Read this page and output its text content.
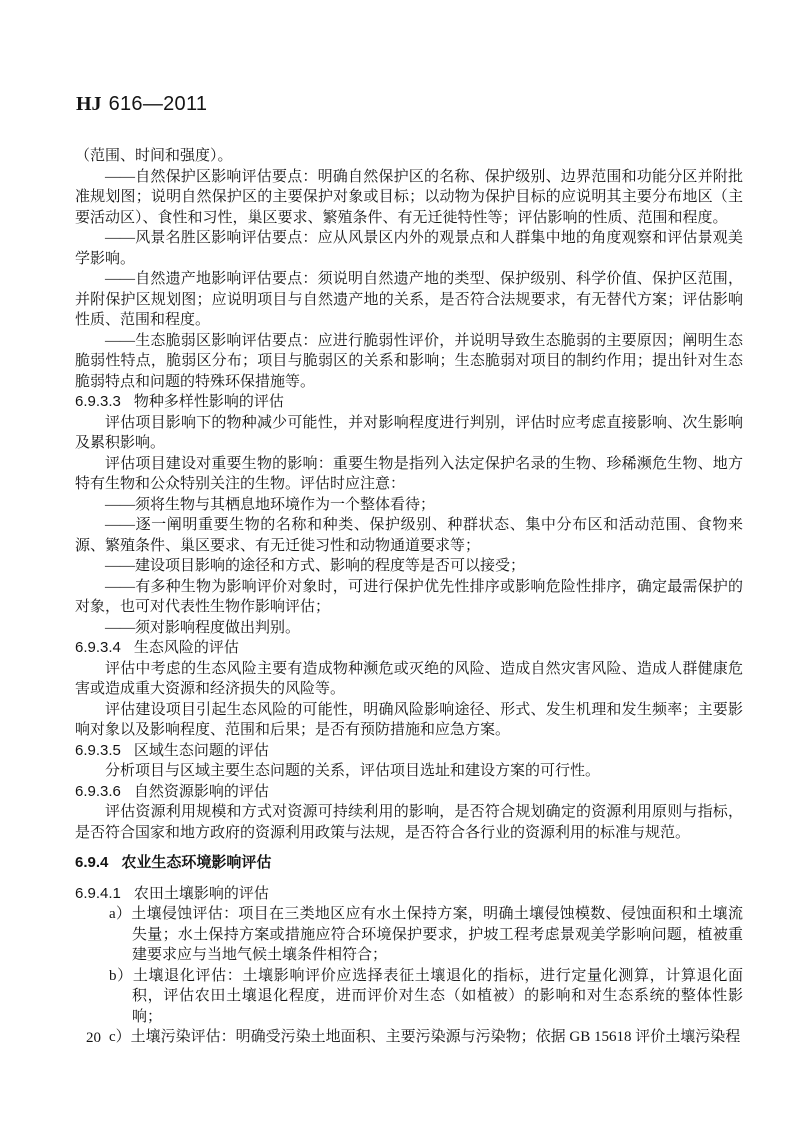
HJ 616—2011

（范围、时间和强度）。

——自然保护区影响评估要点：明确自然保护区的名称、保护级别、边界范围和功能分区并附批准规划图；说明自然保护区的主要保护对象或目标；以动物为保护目标的应说明其主要分布地区（主要活动区）、食性和习性，巢区要求、繁殖条件、有无迁徙特性等；评估影响的性质、范围和程度。

——风景名胜区影响评估要点：应从风景区内外的观景点和人群集中地的角度观察和评估景观美学影响。

——自然遗产地影响评估要点：须说明自然遗产地的类型、保护级别、科学价值、保护区范围，并附保护区规划图；应说明项目与自然遗产地的关系，是否符合法规要求，有无替代方案；评估影响性质、范围和程度。

——生态脆弱区影响评估要点：应进行脆弱性评价，并说明导致生态脆弱的主要原因；阐明生态脆弱性特点，脆弱区分布；项目与脆弱区的关系和影响；生态脆弱对项目的制约作用；提出针对生态脆弱特点和问题的特殊环保措施等。

6.9.3.3 物种多样性影响的评估

评估项目影响下的物种减少可能性，并对影响程度进行判别，评估时应考虑直接影响、次生影响及累积影响。

评估项目建设对重要生物的影响：重要生物是指列入法定保护名录的生物、珍稀濒危生物、地方特有生物和公众特别关注的生物。评估时应注意：

——须将生物与其栖息地环境作为一个整体看待；

——逐一阐明重要生物的名称和种类、保护级别、种群状态、集中分布区和活动范围、食物来源、繁殖条件、巢区要求、有无迁徙习性和动物通道要求等；

——建设项目影响的途径和方式、影响的程度等是否可以接受；

——有多种生物为影响评价对象时，可进行保护优先性排序或影响危险性排序，确定最需保护的对象，也可对代表性生物作影响评估；

——须对影响程度做出判别。

6.9.3.4 生态风险的评估

评估中考虑的生态风险主要有造成物种濒危或灭绝的风险、造成自然灾害风险、造成人群健康危害或造成重大资源和经济损失的风险等。

评估建设项目引起生态风险的可能性，明确风险影响途径、形式、发生机理和发生频率；主要影响对象以及影响程度、范围和后果；是否有预防措施和应急方案。

6.9.3.5 区域生态问题的评估

分析项目与区域主要生态问题的关系，评估项目选址和建设方案的可行性。

6.9.3.6 自然资源影响的评估

评估资源利用规模和方式对资源可持续利用的影响，是否符合规划确定的资源利用原则与指标，是否符合国家和地方政府的资源利用政策与法规，是否符合各行业的资源利用的标准与规范。

6.9.4 农业生态环境影响评估

6.9.4.1 农田土壤影响的评估

a）土壤侵蚀评估：项目在三类地区应有水土保持方案，明确土壤侵蚀模数、侵蚀面积和土壤流失量；水土保持方案或措施应符合环境保护要求，护坡工程考虑景观美学影响问题，植被重建要求应与当地气候土壤条件相符合；

b）土壤退化评估：土壤影响评价应选择表征土壤退化的指标，进行定量化测算，计算退化面积，评估农田土壤退化程度，进而评价对生态（如植被）的影响和对生态系统的整体性影响；

c）土壤污染评估：明确受污染土地面积、主要污染源与污染物；依据 GB 15618 评价土壤污染程

20
